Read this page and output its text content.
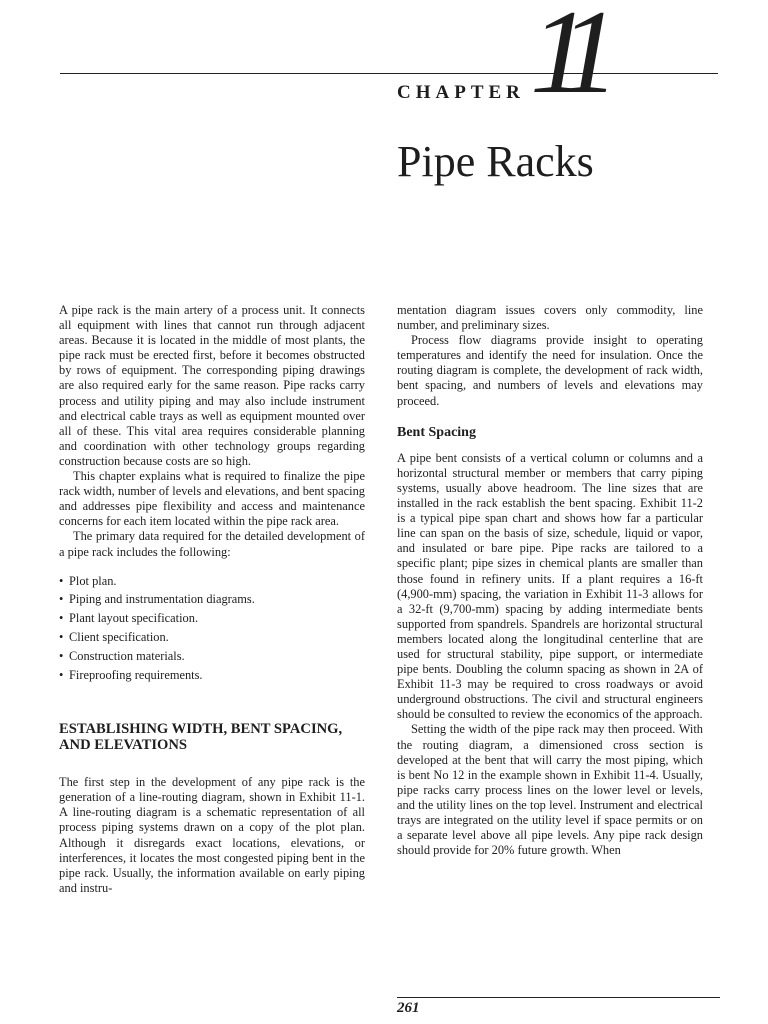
CHAPTER 11
Pipe Racks

A pipe rack is the main artery of a process unit. It connects all equipment with lines that cannot run through adjacent areas. Because it is located in the middle of most plants, the pipe rack must be erected first, before it becomes obstructed by rows of equipment. The corresponding piping drawings are also required early for the same reason. Pipe racks carry process and utility piping and may also include instrument and electrical cable trays as well as equipment mounted over all of these. This vital area requires considerable planning and coordination with other technology groups regarding construction because costs are so high.

This chapter explains what is required to finalize the pipe rack width, number of levels and elevations, and bent spacing and addresses pipe flexibility and access and maintenance concerns for each item located within the pipe rack area.

The primary data required for the detailed development of a pipe rack includes the following:

• Plot plan.
• Piping and instrumentation diagrams.
• Plant layout specification.
• Client specification.
• Construction materials.
• Fireproofing requirements.
ESTABLISHING WIDTH, BENT SPACING, AND ELEVATIONS

The first step in the development of any pipe rack is the generation of a line-routing diagram, shown in Exhibit 11-1. A line-routing diagram is a schematic representation of all process piping systems drawn on a copy of the plot plan. Although it disregards exact locations, elevations, or interferences, it locates the most congested piping bent in the pipe rack. Usually, the information available on early piping and instru-

mentation diagram issues covers only commodity, line number, and preliminary sizes.

Process flow diagrams provide insight to operating temperatures and identify the need for insulation. Once the routing diagram is complete, the development of rack width, bent spacing, and numbers of levels and elevations may proceed.

Bent Spacing

A pipe bent consists of a vertical column or columns and a horizontal structural member or members that carry piping systems, usually above headroom. The line sizes that are installed in the rack establish the bent spacing. Exhibit 11-2 is a typical pipe span chart and shows how far a particular line can span on the basis of size, schedule, liquid or vapor, and insulated or bare pipe. Pipe racks are tailored to a specific plant; pipe sizes in chemical plants are smaller than those found in refinery units. If a plant requires a 16-ft (4,900-mm) spacing, the variation in Exhibit 11-3 allows for a 32-ft (9,700-mm) spacing by adding intermediate bents supported from spandrels. Spandrels are horizontal structural members located along the longitudinal centerline that are used for structural stability, pipe support, or intermediate pipe bents. Doubling the column spacing as shown in 2A of Exhibit 11-3 may be required to cross roadways or avoid underground obstructions. The civil and structural engineers should be consulted to review the economics of the approach.

Setting the width of the pipe rack may then proceed. With the routing diagram, a dimensioned cross section is developed at the bent that will carry the most piping, which is bent No 12 in the example shown in Exhibit 11-4. Usually, pipe racks carry process lines on the lower level or levels, and the utility lines on the top level. Instrument and electrical trays are integrated on the utility level if space permits or on a separate level above all pipe levels. Any pipe rack design should provide for 20% future growth. When

261
